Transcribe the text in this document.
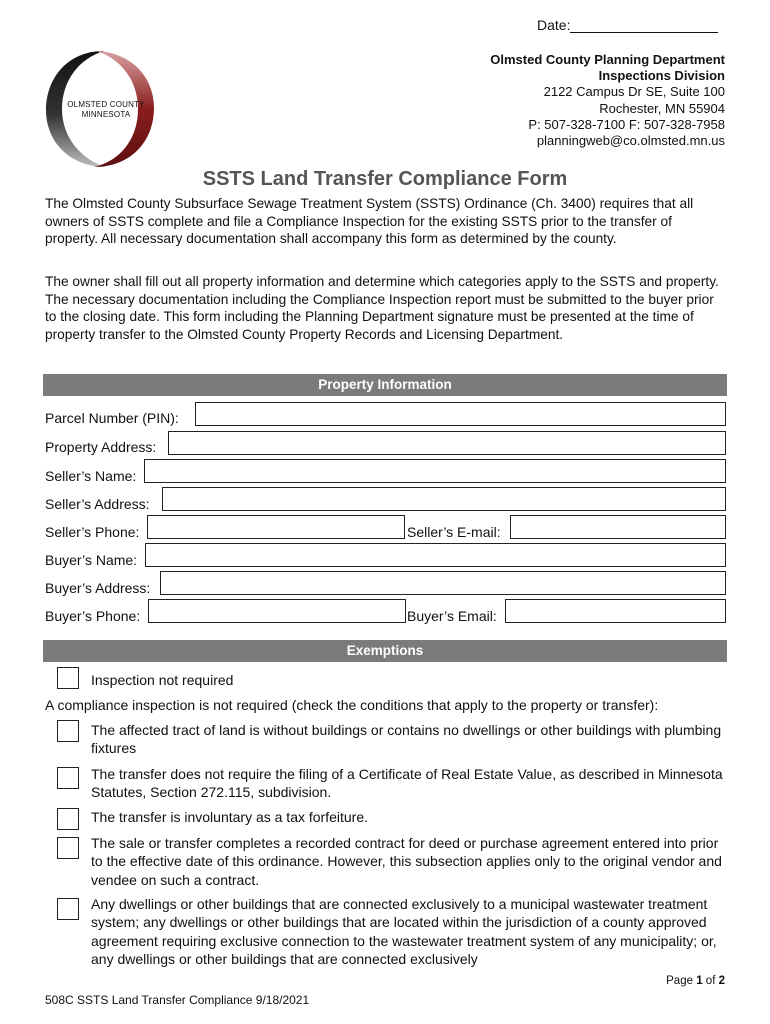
Date:
Olmsted County Planning Department
Inspections Division
2122 Campus Dr SE, Suite 100
Rochester, MN 55904
P: 507-328-7100 F: 507-328-7958
planningweb@co.olmsted.mn.us
OLMSTED COUNTY
MINNESOTA
SSTS Land Transfer Compliance Form
The Olmsted County Subsurface Sewage Treatment System (SSTS) Ordinance (Ch. 3400) requires that all owners of SSTS complete and file a Compliance Inspection for the existing SSTS prior to the transfer of property. All necessary documentation shall accompany this form as determined by the county.
The owner shall fill out all property information and determine which categories apply to the SSTS and property. The necessary documentation including the Compliance Inspection report must be submitted to the buyer prior to the closing date. This form including the Planning Department signature must be presented at the time of property transfer to the Olmsted County Property Records and Licensing Department.
Property Information
Parcel Number (PIN):
Property Address:
Seller’s Name:
Seller’s Address:
Seller’s Phone:	Seller’s E-mail:
Buyer’s Name:
Buyer’s Address:
Buyer’s Phone:	Buyer’s Email:
Exemptions
Inspection not required
A compliance inspection is not required (check the conditions that apply to the property or transfer):
The affected tract of land is without buildings or contains no dwellings or other buildings with plumbing fixtures
The transfer does not require the filing of a Certificate of Real Estate Value, as described in Minnesota Statutes, Section 272.115, subdivision.
The transfer is involuntary as a tax forfeiture.
The sale or transfer completes a recorded contract for deed or purchase agreement entered into prior to the effective date of this ordinance. However, this subsection applies only to the original vendor and vendee on such a contract.
Any dwellings or other buildings that are connected exclusively to a municipal wastewater treatment system; any dwellings or other buildings that are located within the jurisdiction of a county approved agreement requiring exclusive connection to the wastewater treatment system of any municipality; or, any dwellings or other buildings that are connected exclusively
Page 1 of 2
508C SSTS Land Transfer Compliance 9/18/2021
